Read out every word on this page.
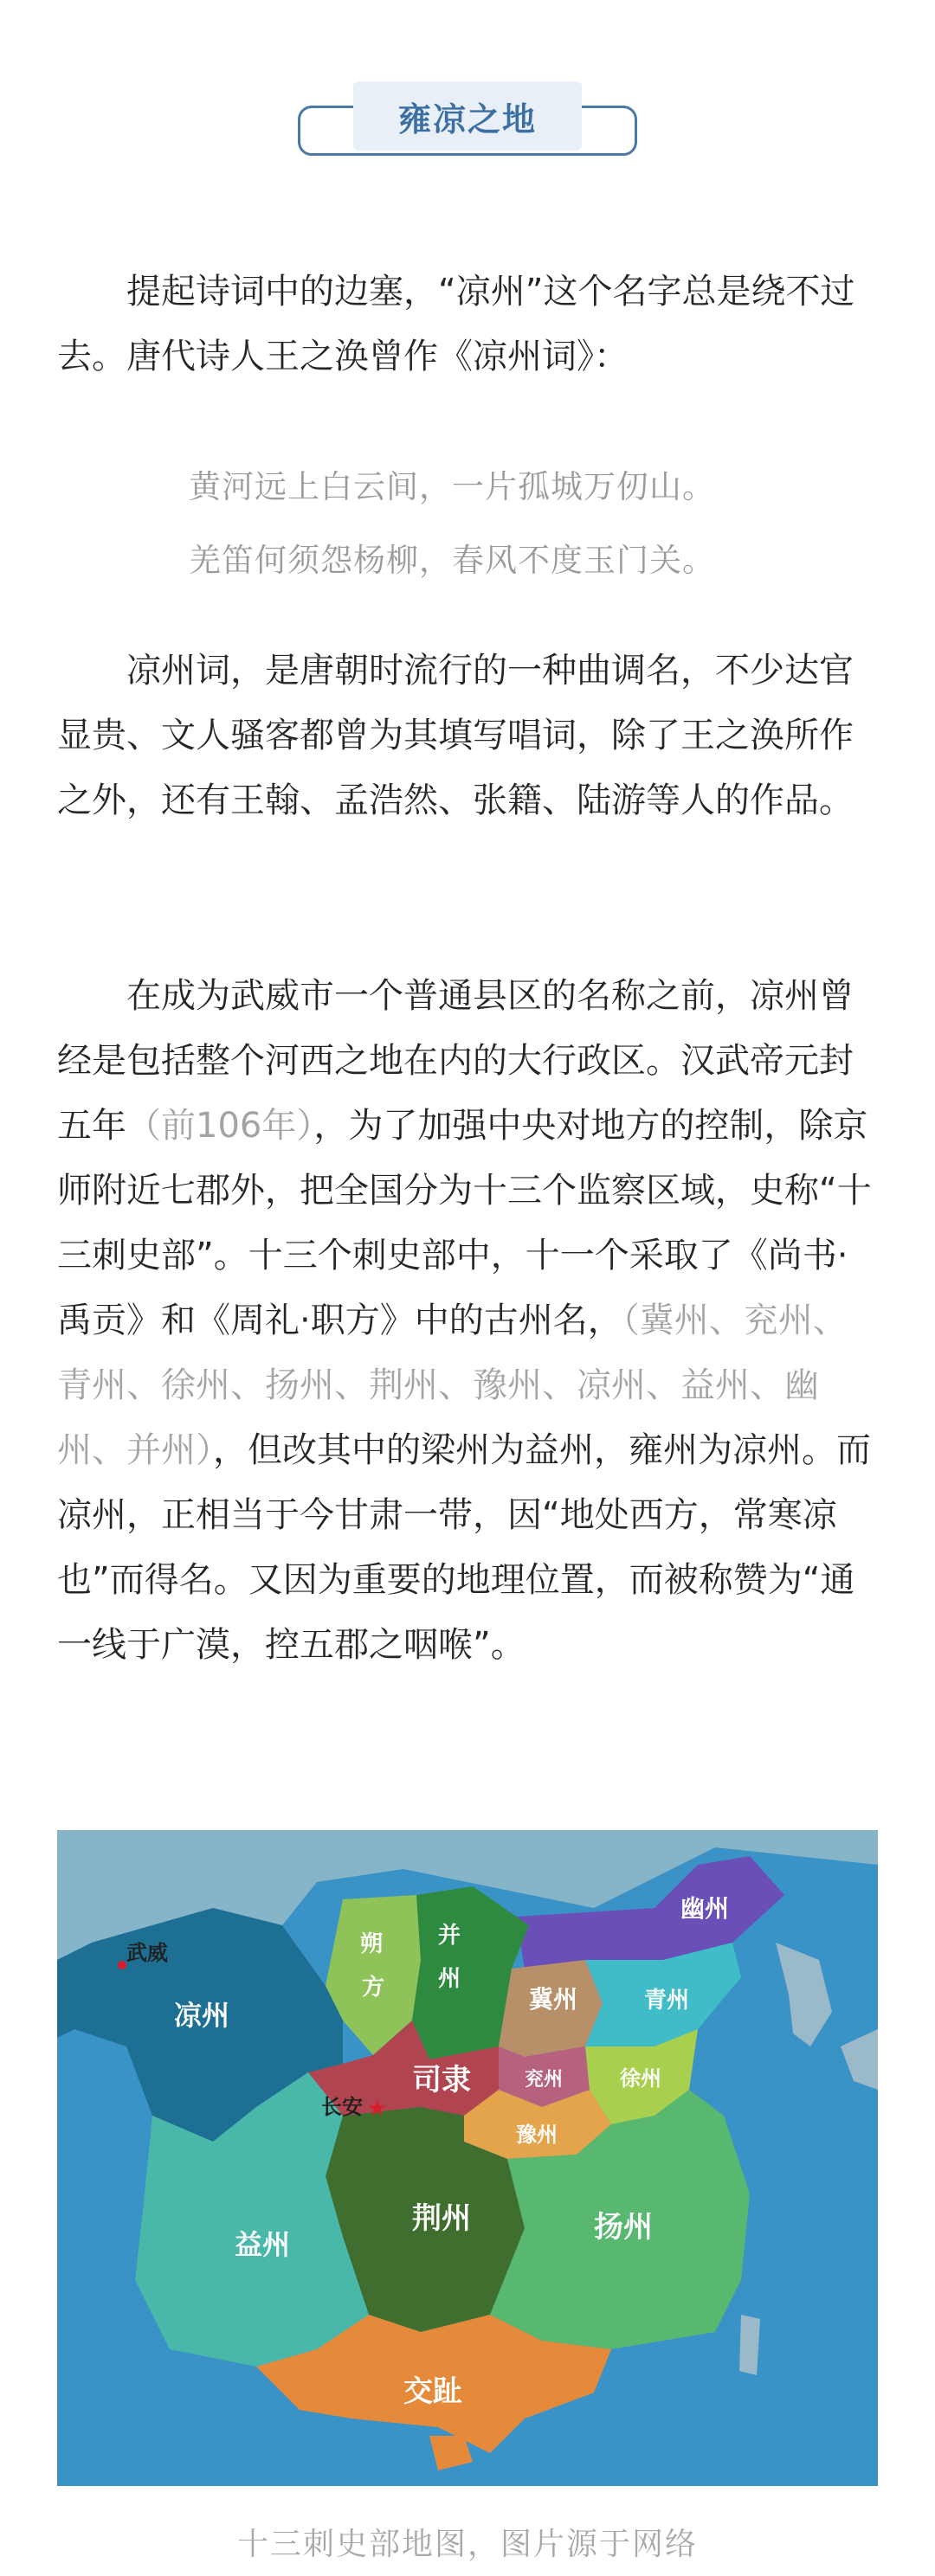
雍凉之地

提起诗词中的边塞，“凉州”这个名字总是绕不过去。唐代诗人王之涣曾作《凉州词》：

黄河远上白云间，一片孤城万仞山。
羌笛何须怨杨柳，春风不度玉门关。

凉州词，是唐朝时流行的一种曲调名，不少达官显贵、文人骚客都曾为其填写唱词，除了王之涣所作之外，还有王翰、孟浩然、张籍、陆游等人的作品。

在成为武威市一个普通县区的名称之前，凉州曾经是包括整个河西之地在内的大行政区。汉武帝元封五年（前106年），为了加强中央对地方的控制，除京师附近七郡外，把全国分为十三个监察区域，史称“十三刺史部”。十三个刺史部中，十一个采取了《尚书·禹贡》和《周礼·职方》中的古州名，（冀州、兖州、青州、徐州、扬州、荆州、豫州、凉州、益州、幽州、并州），但改其中的梁州为益州，雍州为凉州。而凉州，正相当于今甘肃一带，因“地处西方，常寒凉也”而得名。又因为重要的地理位置，而被称赞为“通一线于广漠，控五郡之咽喉”。

幽州
朔
方
并
州
冀州	青州
武威
凉州
兖州	徐州
司隶
长安 ★
豫州
荆州	扬州
益州
交趾
十三刺史部地图，图片源于网络
